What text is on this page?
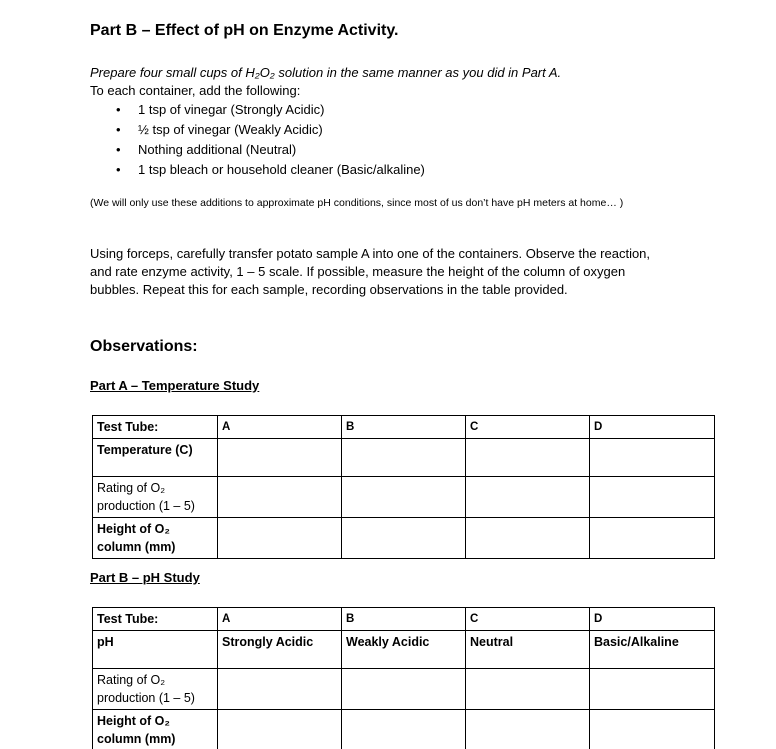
Part B – Effect of pH on Enzyme Activity.
Prepare four small cups of H₂O₂ solution in the same manner as you did in Part A.
To each container, add the following:
• 1 tsp of vinegar (Strongly Acidic)
• ½ tsp of vinegar (Weakly Acidic)
• Nothing additional (Neutral)
• 1 tsp bleach or household cleaner (Basic/alkaline)
(We will only use these additions to approximate pH conditions, since most of us don’t have pH meters at home… )
Using forceps, carefully transfer potato sample A into one of the containers. Observe the reaction, and rate enzyme activity, 1 – 5 scale. If possible, measure the height of the column of oxygen bubbles. Repeat this for each sample, recording observations in the table provided.
Observations:
Part A – Temperature Study
Test Tube:	A	B	C	D
Temperature (C)				
Rating of O₂ production (1 – 5)				
Height of O₂ column (mm)				
Part B – pH Study
Test Tube:	A	B	C	D
pH	Strongly Acidic	Weakly Acidic	Neutral	Basic/Alkaline
Rating of O₂ production (1 – 5)				
Height of O₂ column (mm)				
